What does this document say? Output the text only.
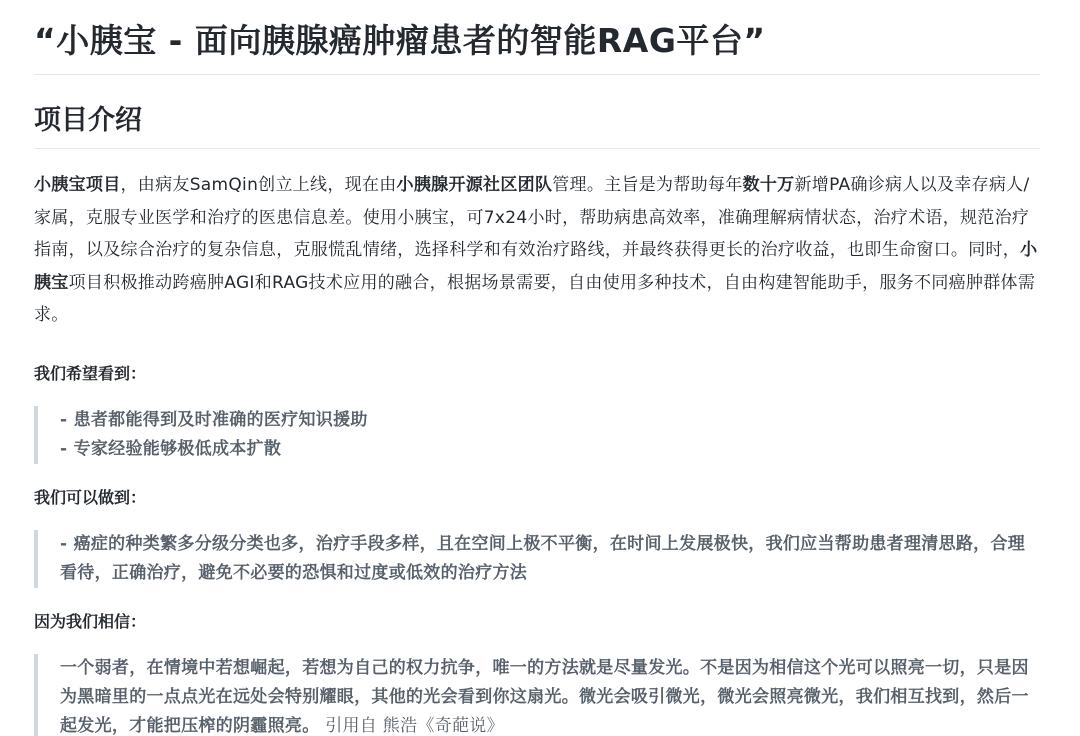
“小胰宝 - 面向胰腺癌肿瘤患者的智能RAG平台”
项目介绍

小胰宝项目，由病友SamQin创立上线，现在由小胰腺开源社区团队管理。主旨是为帮助每年数十万新增PA确诊病人以及幸存病人/家属，克服专业医学和治疗的医患信息差。使用小胰宝，可7x24小时，帮助病患高效率，准确理解病情状态，治疗术语，规范治疗指南，以及综合治疗的复杂信息，克服慌乱情绪，选择科学和有效治疗路线，并最终获得更长的治疗收益，也即生命窗口。同时，小胰宝项目积极推动跨癌肿AGI和RAG技术应用的融合，根据场景需要，自由使用多种技术，自由构建智能助手，服务不同癌肿群体需求。

我们希望看到：

- 患者都能得到及时准确的医疗知识援助
- 专家经验能够极低成本扩散

我们可以做到：

- 癌症的种类繁多分级分类也多，治疗手段多样，且在空间上极不平衡，在时间上发展极快，我们应当帮助患者理清思路，合理看待，正确治疗，避免不必要的恐惧和过度或低效的治疗方法

因为我们相信：

一个弱者，在情境中若想崛起，若想为自己的权力抗争，唯一的方法就是尽量发光。不是因为相信这个光可以照亮一切，只是因为黑暗里的一点点光在远处会特别耀眼，其他的光会看到你这扇光。微光会吸引微光，微光会照亮微光，我们相互找到，然后一起发光，才能把压榨的阴霾照亮。 引用自 熊浩《奇葩说》
